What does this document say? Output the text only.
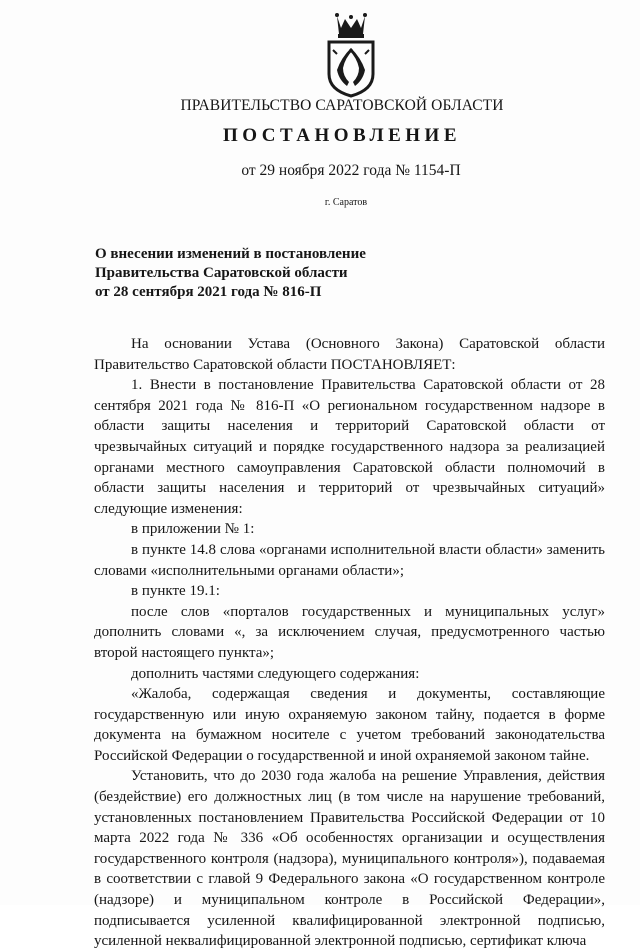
ПРАВИТЕЛЬСТВО САРАТОВСКОЙ ОБЛАСТИ
ПОСТАНОВЛЕНИЕ
от 29 ноября 2022 года № 1154-П
г. Саратов
О внесении изменений в постановление
Правительства Саратовской области
от 28 сентября 2021 года № 816-П

На основании Устава (Основного Закона) Саратовской области Правительство Саратовской области ПОСТАНОВЛЯЕТ:

1. Внести в постановление Правительства Саратовской области от 28 сентября 2021 года № 816-П «О региональном государственном надзоре в области защиты населения и территорий Саратовской области от чрезвычайных ситуаций и порядке государственного надзора за реализацией органами местного самоуправления Саратовской области полномочий в области защиты населения и территорий от чрезвычайных ситуаций» следующие изменения:

в приложении № 1:

в пункте 14.8 слова «органами исполнительной власти области» заменить словами «исполнительными органами области»;

в пункте 19.1:

после слов «порталов государственных и муниципальных услуг» дополнить словами «, за исключением случая, предусмотренного частью второй настоящего пункта»;

дополнить частями следующего содержания:

«Жалоба, содержащая сведения и документы, составляющие государственную или иную охраняемую законом тайну, подается в форме документа на бумажном носителе с учетом требований законодательства Российской Федерации о государственной и иной охраняемой законом тайне.

Установить, что до 2030 года жалоба на решение Управления, действия (бездействие) его должностных лиц (в том числе на нарушение требований, установленных постановлением Правительства Российской Федерации от 10 марта 2022 года № 336 «Об особенностях организации и осуществления государственного контроля (надзора), муниципального контроля»), подаваемая в соответствии с главой 9 Федерального закона «О государственном контроле (надзоре) и муниципальном контроле в Российской Федерации», подписывается усиленной квалифицированной электронной подписью, усиленной неквалифицированной электронной подписью, сертификат ключа
